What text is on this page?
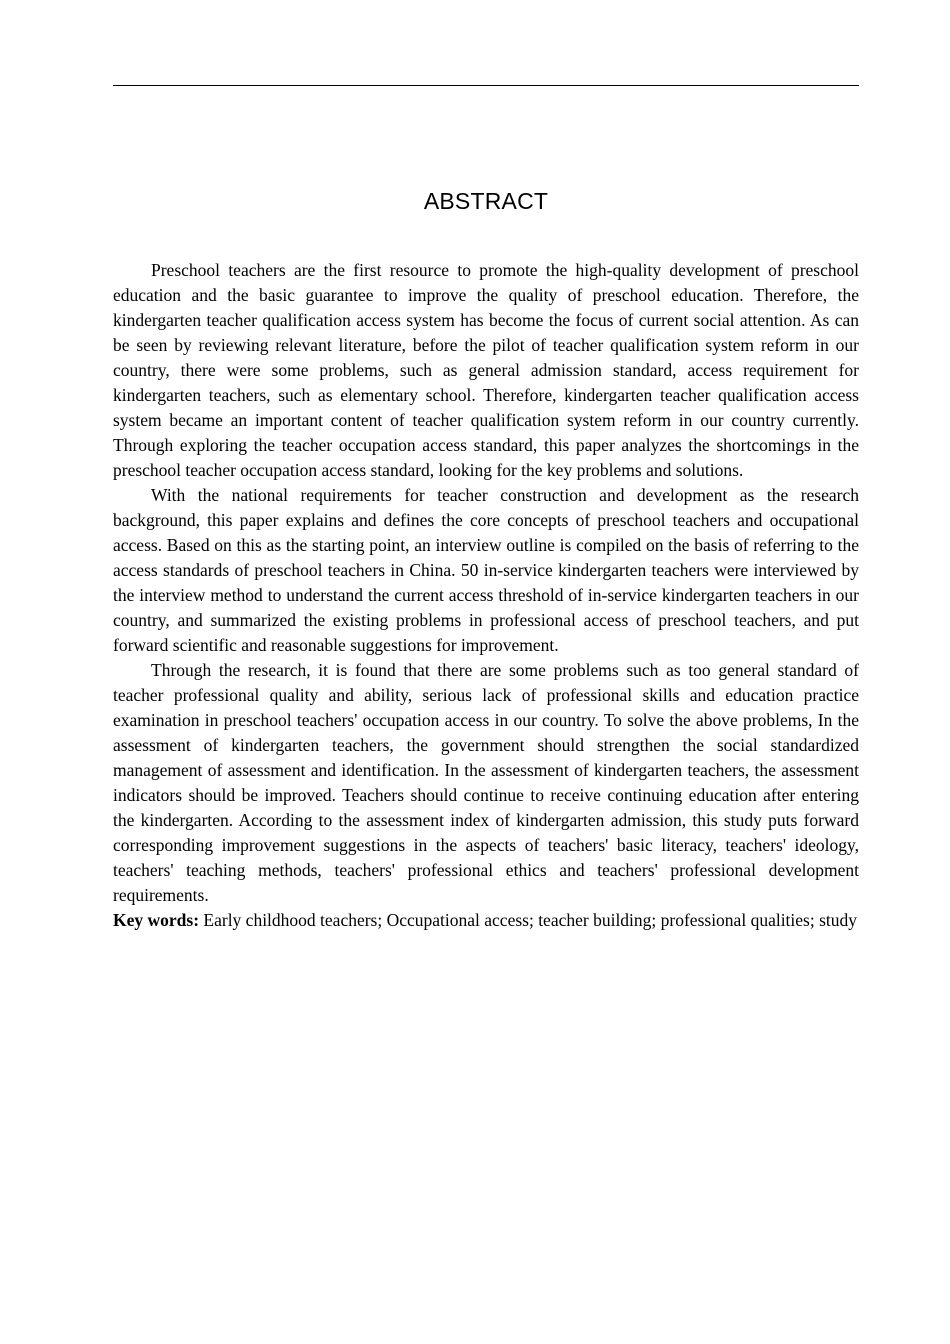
ABSTRACT

Preschool teachers are the first resource to promote the high-quality development of preschool education and the basic guarantee to improve the quality of preschool education. Therefore, the kindergarten teacher qualification access system has become the focus of current social attention. As can be seen by reviewing relevant literature, before the pilot of teacher qualification system reform in our country, there were some problems, such as general admission standard, access requirement for kindergarten teachers, such as elementary school. Therefore, kindergarten teacher qualification access system became an important content of teacher qualification system reform in our country currently. Through exploring the teacher occupation access standard, this paper analyzes the shortcomings in the preschool teacher occupation access standard, looking for the key problems and solutions.

With the national requirements for teacher construction and development as the research background, this paper explains and defines the core concepts of preschool teachers and occupational access. Based on this as the starting point, an interview outline is compiled on the basis of referring to the access standards of preschool teachers in China. 50 in-service kindergarten teachers were interviewed by the interview method to understand the current access threshold of in-service kindergarten teachers in our country, and summarized the existing problems in professional access of preschool teachers, and put forward scientific and reasonable suggestions for improvement.

Through the research, it is found that there are some problems such as too general standard of teacher professional quality and ability, serious lack of professional skills and education practice examination in preschool teachers' occupation access in our country. To solve the above problems, In the assessment of kindergarten teachers, the government should strengthen the social standardized management of assessment and identification. In the assessment of kindergarten teachers, the assessment indicators should be improved. Teachers should continue to receive continuing education after entering the kindergarten. According to the assessment index of kindergarten admission, this study puts forward corresponding improvement suggestions in the aspects of teachers' basic literacy, teachers' ideology, teachers' teaching methods, teachers' professional ethics and teachers' professional development requirements.

Key words: Early childhood teachers; Occupational access; teacher building; professional qualities; study
